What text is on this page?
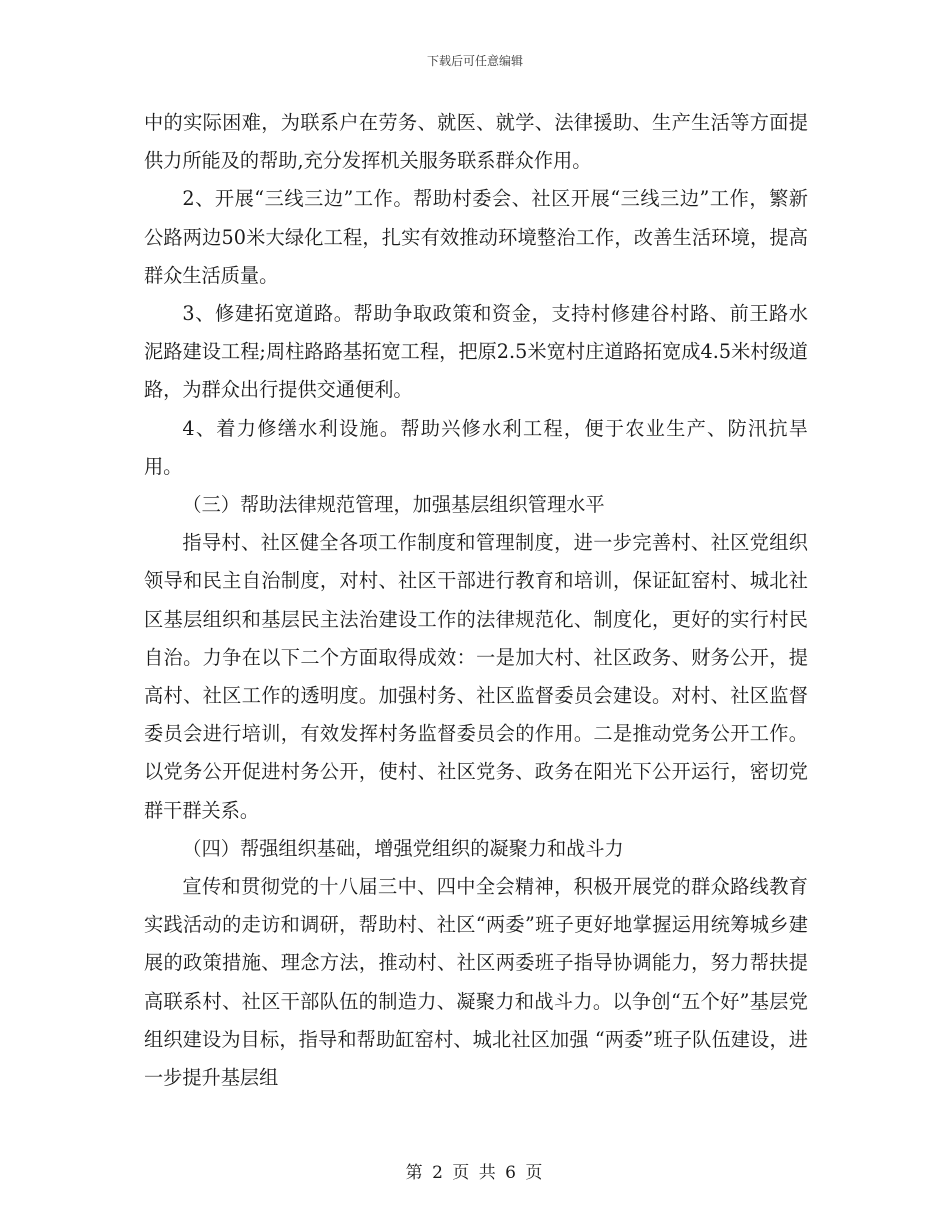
下载后可任意编辑

中的实际困难，为联系户在劳务、就医、就学、法律援助、生产生活等方面提供力所能及的帮助,充分发挥机关服务联系群众作用。

2、开展“三线三边”工作。帮助村委会、社区开展“三线三边”工作，繁新公路两边50米大绿化工程，扎实有效推动环境整治工作，改善生活环境，提高群众生活质量。

3、修建拓宽道路。帮助争取政策和资金，支持村修建谷村路、前王路水泥路建设工程;周柱路路基拓宽工程，把原2.5米宽村庄道路拓宽成4.5米村级道路，为群众出行提供交通便利。

4、着力修缮水利设施。帮助兴修水利工程，便于农业生产、防汛抗旱用。

（三）帮助法律规范管理，加强基层组织管理水平

指导村、社区健全各项工作制度和管理制度，进一步完善村、社区党组织领导和民主自治制度，对村、社区干部进行教育和培训，保证缸窑村、城北社区基层组织和基层民主法治建设工作的法律规范化、制度化，更好的实行村民自治。力争在以下二个方面取得成效：一是加大村、社区政务、财务公开，提高村、社区工作的透明度。加强村务、社区监督委员会建设。对村、社区监督委员会进行培训，有效发挥村务监督委员会的作用。二是推动党务公开工作。以党务公开促进村务公开，使村、社区党务、政务在阳光下公开运行，密切党群干群关系。

（四）帮强组织基础，增强党组织的凝聚力和战斗力

宣传和贯彻党的十八届三中、四中全会精神，积极开展党的群众路线教育实践活动的走访和调研，帮助村、社区“两委”班子更好地掌握运用统筹城乡建展的政策措施、理念方法，推动村、社区两委班子指导协调能力，努力帮扶提高联系村、社区干部队伍的制造力、凝聚力和战斗力。以争创“五个好”基层党组织建设为目标，指导和帮助缸窑村、城北社区加强 “两委”班子队伍建设，进一步提升基层组

第 2 页 共 6 页
